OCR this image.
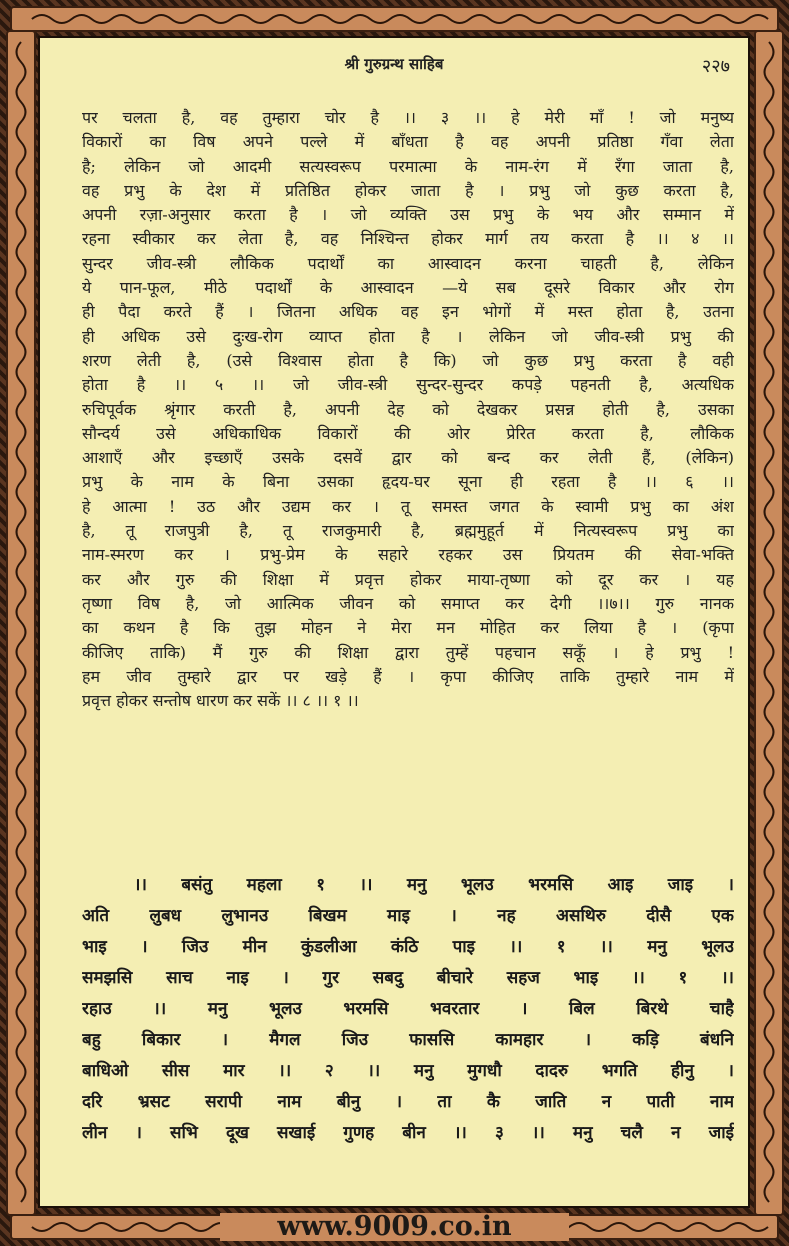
श्री गुरुग्रन्थ साहिब	२२७
पर चलता है, वह तुम्हारा चोर है ।। ३ ।। हे मेरी माँ ! जो मनुष्य
विकारों का विष अपने पल्ले में बाँधता है वह अपनी प्रतिष्ठा गँवा लेता
है; लेकिन जो आदमी सत्यस्वरूप परमात्मा के नाम-रंग में रँगा जाता है,
वह प्रभु के देश में प्रतिष्ठित होकर जाता है । प्रभु जो कुछ करता है,
अपनी रज़ा-अनुसार करता है । जो व्यक्ति उस प्रभु के भय और सम्मान में
रहना स्वीकार कर लेता है, वह निश्चिन्त होकर मार्ग तय करता है ।। ४ ।।
सुन्दर जीव-स्त्री लौकिक पदार्थों का आस्वादन करना चाहती है, लेकिन
ये पान-फूल, मीठे पदार्थों के आस्वादन —ये सब दूसरे विकार और रोग
ही पैदा करते हैं । जितना अधिक वह इन भोगों में मस्त होता है, उतना
ही अधिक उसे दुःख-रोग व्याप्त होता है । लेकिन जो जीव-स्त्री प्रभु की
शरण लेती है, (उसे विश्वास होता है कि) जो कुछ प्रभु करता है वही
होता है ।। ५ ।। जो जीव-स्त्री सुन्दर-सुन्दर कपड़े पहनती है, अत्यधिक
रुचिपूर्वक श्रृंगार करती है, अपनी देह को देखकर प्रसन्न होती है, उसका
सौन्दर्य उसे अधिकाधिक विकारों की ओर प्रेरित करता है, लौकिक
आशाएँ और इच्छाएँ उसके दसवें द्वार को बन्द कर लेती हैं, (लेकिन)
प्रभु के नाम के बिना उसका हृदय-घर सूना ही रहता है ।। ६ ।।
हे आत्मा ! उठ और उद्यम कर । तू समस्त जगत के स्वामी प्रभु का अंश
है, तू राजपुत्री है, तू राजकुमारी है, ब्रह्ममुहूर्त में नित्यस्वरूप प्रभु का
नाम-स्मरण कर । प्रभु-प्रेम के सहारे रहकर उस प्रियतम की सेवा-भक्ति
कर और गुरु की शिक्षा में प्रवृत्त होकर माया-तृष्णा को दूर कर । यह
तृष्णा विष है, जो आत्मिक जीवन को समाप्त कर देगी ।।७।। गुरु नानक
का कथन है कि तुझ मोहन ने मेरा मन मोहित कर लिया है । (कृपा
कीजिए ताकि) मैं गुरु की शिक्षा द्वारा तुम्हें पहचान सकूँ । हे प्रभु !
हम जीव तुम्हारे द्वार पर खड़े हैं । कृपा कीजिए ताकि तुम्हारे नाम में
प्रवृत्त होकर सन्तोष धारण कर सकें ।। ८ ।। १ ।।
।। बसंतु महला १ ।। मनु भूलउ भरमसि आइ जाइ ।
अति लुबध लुभानउ बिखम माइ । नह असथिरु दीसै एक
भाइ । जिउ मीन कुंडलीआ कंठि पाइ ।। १ ।। मनु भूलउ
समझसि साच नाइ । गुर सबदु बीचारे सहज भाइ ।। १ ।।
रहाउ ।। मनु भूलउ भरमसि भवरतार । बिल बिरथे चाहै
बहु बिकार । मैगल जिउ फाससि कामहार । कड़ि बंधनि
बाधिओ सीस मार ।। २ ।। मनु मुगधौ दादरु भगति हीनु ।
दरि भ्रसट सरापी नाम बीनु । ता कै जाति न पाती नाम
लीन । सभि दूख सखाई गुणह बीन ।। ३ ।। मनु चलै न जाई
www.9009.co.in
